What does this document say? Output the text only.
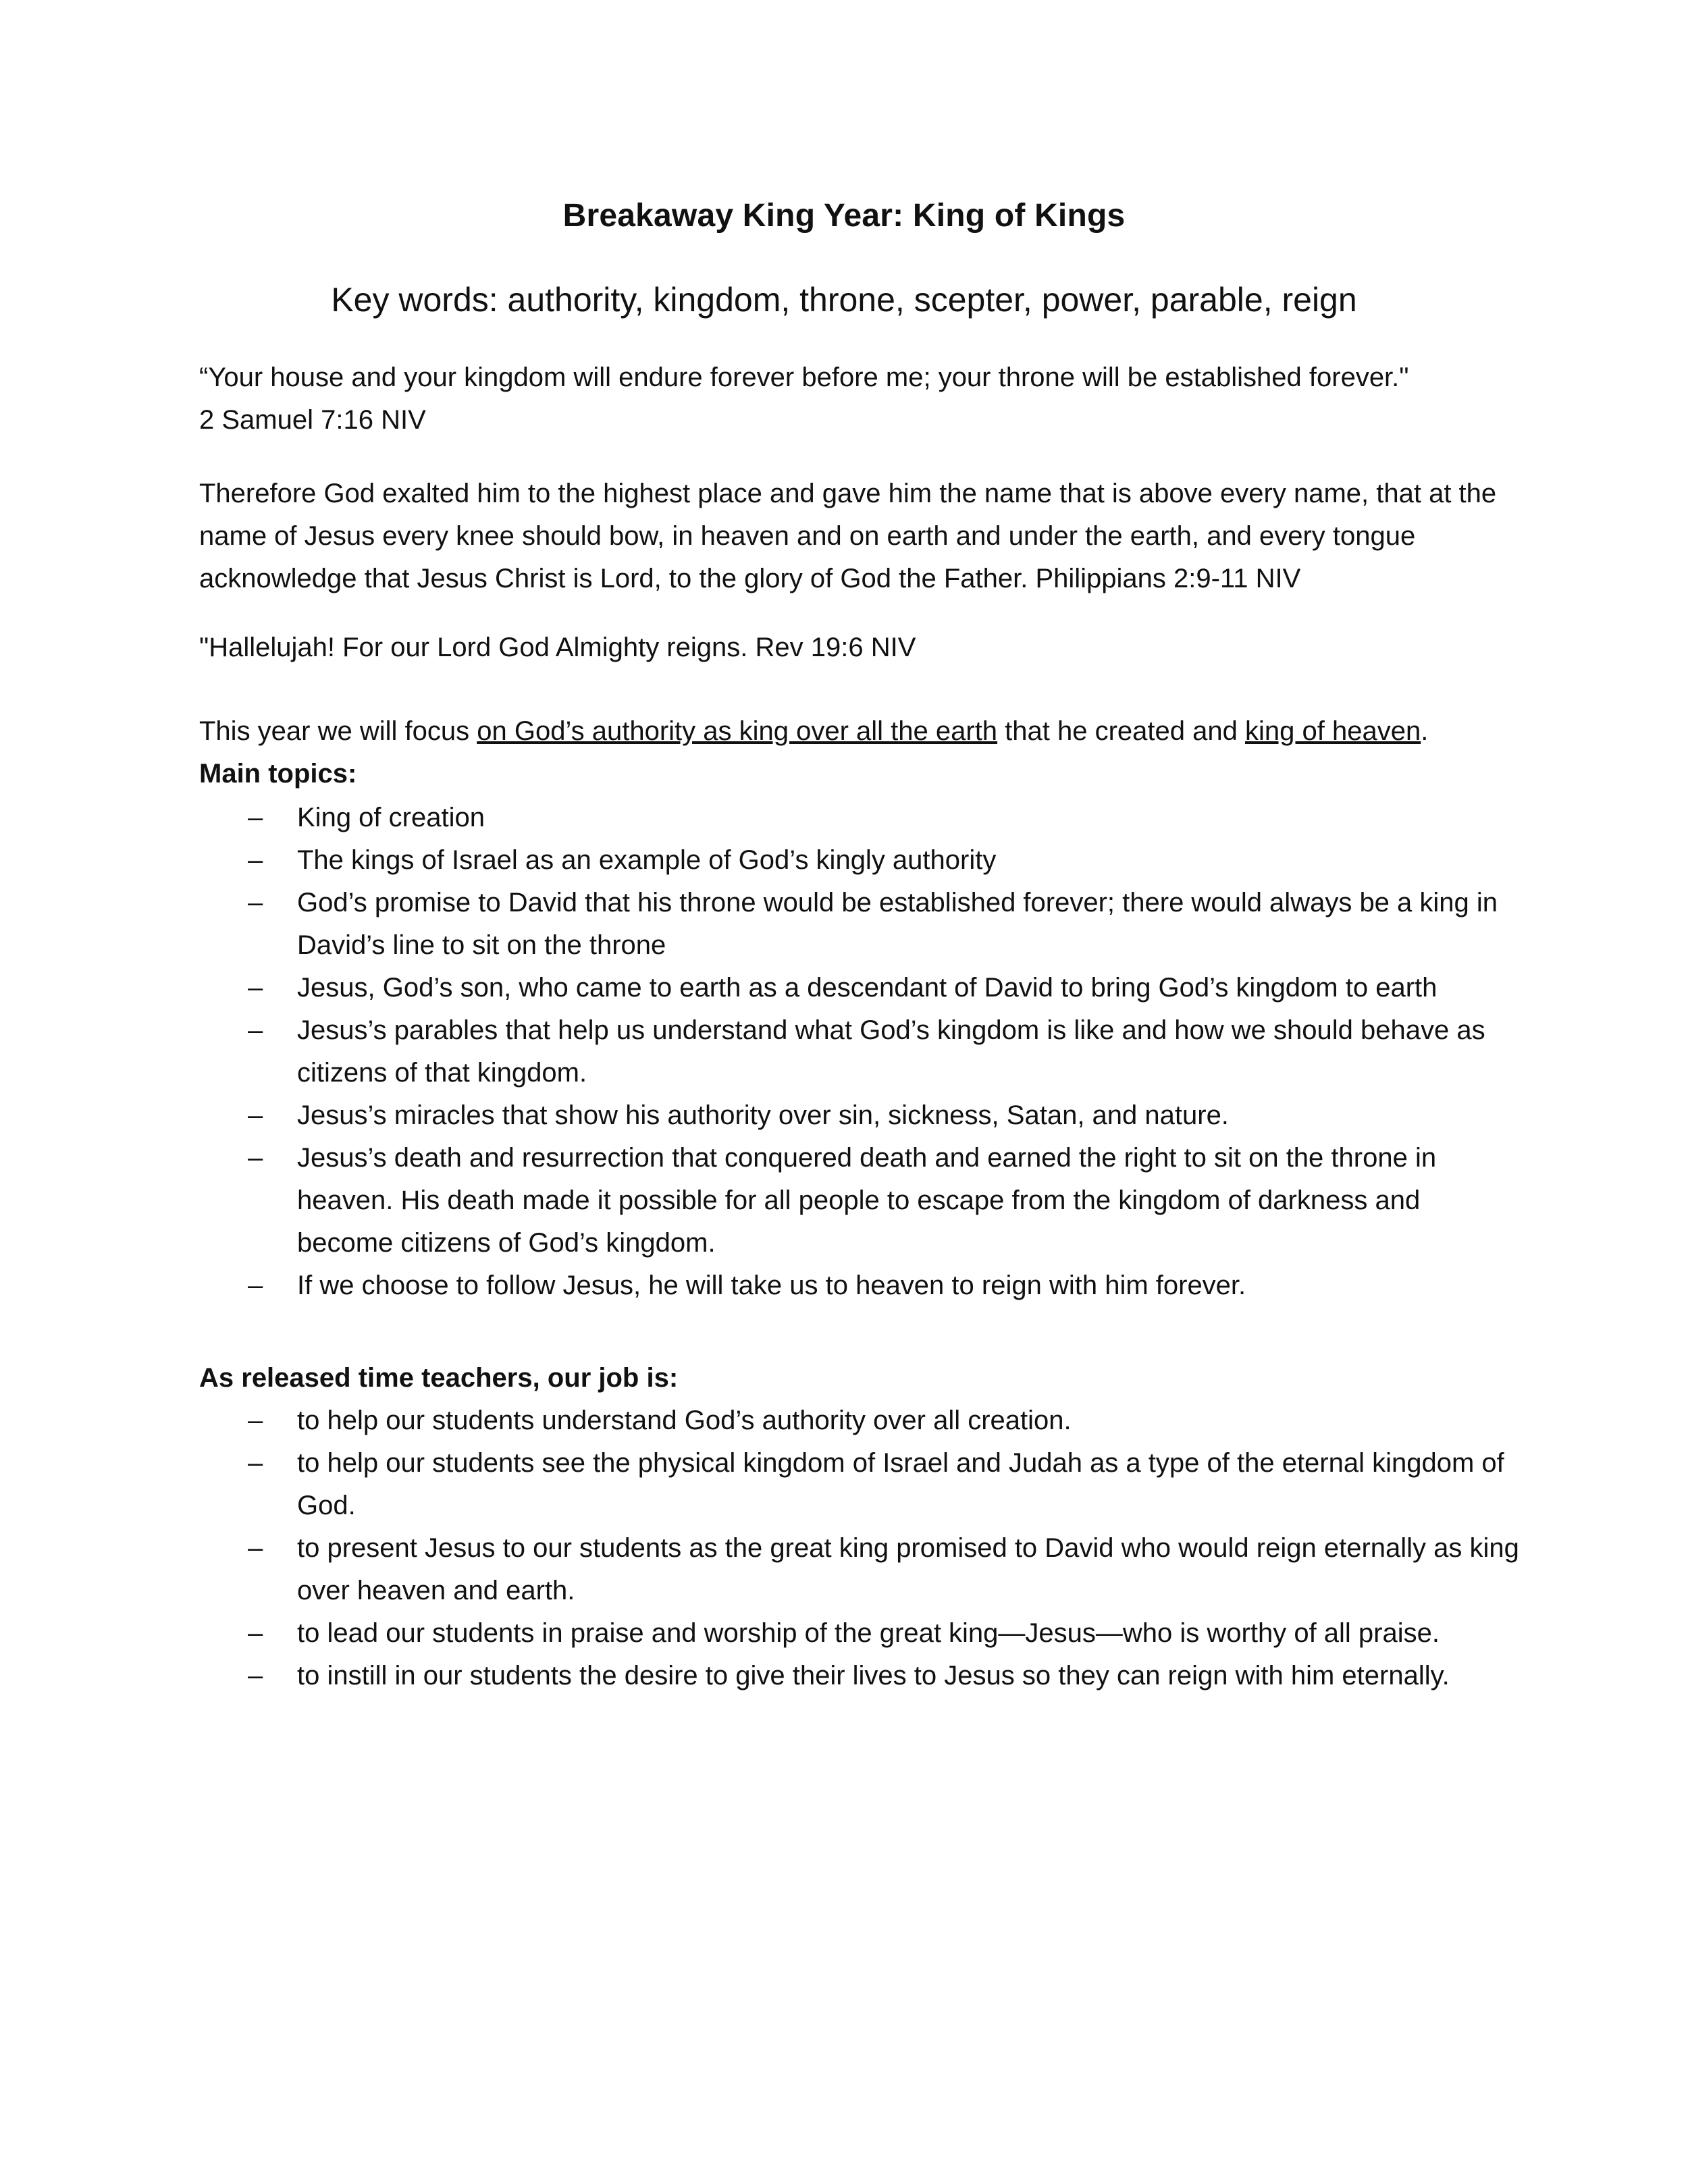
Breakaway King Year: King of Kings
Key words: authority, kingdom, throne, scepter, power, parable, reign
“Your house and your kingdom will endure forever before me; your throne will be established forever."
2 Samuel 7:16 NIV
Therefore God exalted him to the highest place and gave him the name that is above every name, that at the name of Jesus every knee should bow, in heaven and on earth and under the earth, and every tongue acknowledge that Jesus Christ is Lord, to the glory of God the Father. Philippians 2:9-11 NIV
"Hallelujah! For our Lord God Almighty reigns. Rev 19:6 NIV
This year we will focus on God’s authority as king over all the earth that he created and king of heaven.
Main topics:
– King of creation
– The kings of Israel as an example of God’s kingly authority
– God’s promise to David that his throne would be established forever; there would always be a king in David’s line to sit on the throne
– Jesus, God’s son, who came to earth as a descendant of David to bring God’s kingdom to earth
– Jesus’s parables that help us understand what God’s kingdom is like and how we should behave as citizens of that kingdom.
– Jesus’s miracles that show his authority over sin, sickness, Satan, and nature.
– Jesus’s death and resurrection that conquered death and earned the right to sit on the throne in heaven. His death made it possible for all people to escape from the kingdom of darkness and become citizens of God’s kingdom.
– If we choose to follow Jesus, he will take us to heaven to reign with him forever.
As released time teachers, our job is:
– to help our students understand God’s authority over all creation.
– to help our students see the physical kingdom of Israel and Judah as a type of the eternal kingdom of God.
– to present Jesus to our students as the great king promised to David who would reign eternally as king over heaven and earth.
– to lead our students in praise and worship of the great king—Jesus—who is worthy of all praise.
– to instill in our students the desire to give their lives to Jesus so they can reign with him eternally.
